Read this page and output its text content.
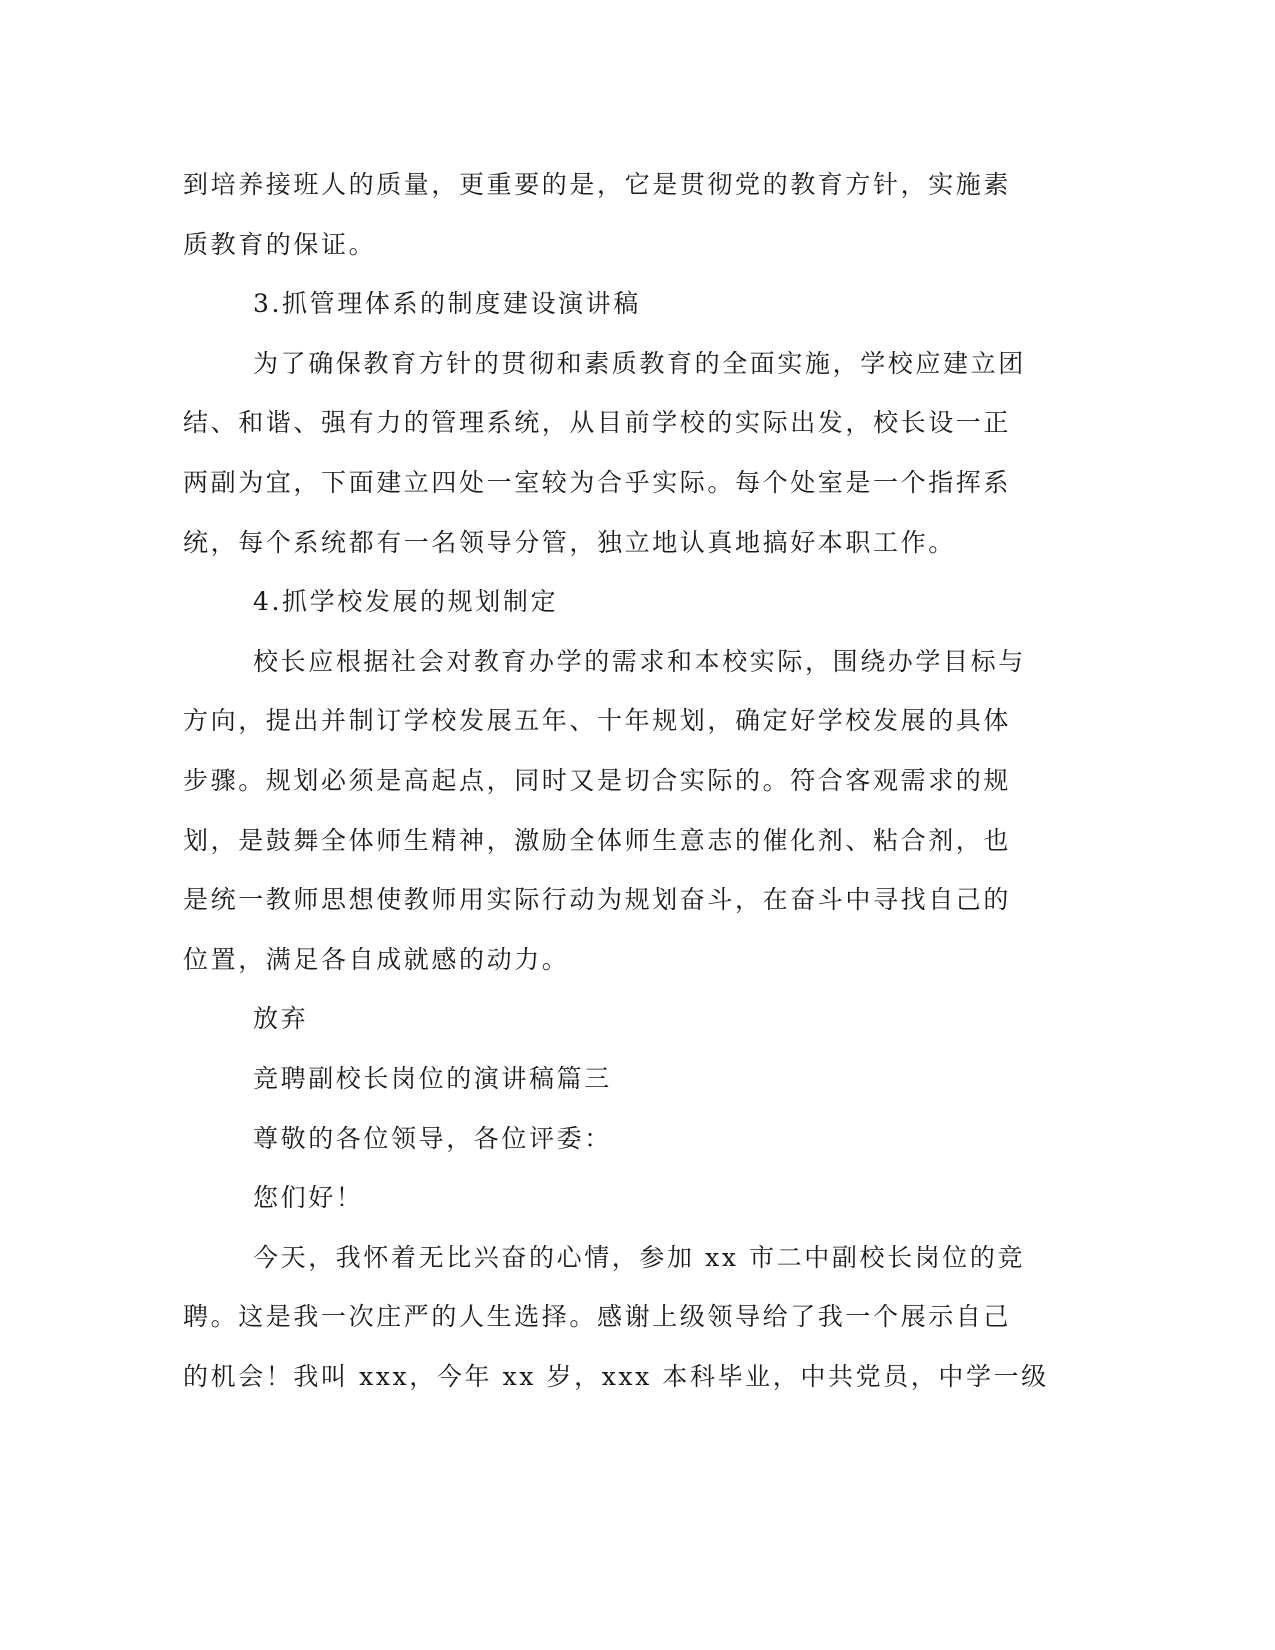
到培养接班人的质量，更重要的是，它是贯彻党的教育方针，实施素
质教育的保证。
3.抓管理体系的制度建设演讲稿
为了确保教育方针的贯彻和素质教育的全面实施，学校应建立团
结、和谐、强有力的管理系统，从目前学校的实际出发，校长设一正
两副为宜，下面建立四处一室较为合乎实际。每个处室是一个指挥系
统，每个系统都有一名领导分管，独立地认真地搞好本职工作。
4.抓学校发展的规划制定
校长应根据社会对教育办学的需求和本校实际，围绕办学目标与
方向，提出并制订学校发展五年、十年规划，确定好学校发展的具体
步骤。规划必须是高起点，同时又是切合实际的。符合客观需求的规
划，是鼓舞全体师生精神，激励全体师生意志的催化剂、粘合剂，也
是统一教师思想使教师用实际行动为规划奋斗，在奋斗中寻找自己的
位置，满足各自成就感的动力。
放弃
竞聘副校长岗位的演讲稿篇三
尊敬的各位领导，各位评委：
您们好！
今天，我怀着无比兴奋的心情，参加 xx 市二中副校长岗位的竞
聘。这是我一次庄严的人生选择。感谢上级领导给了我一个展示自己
的机会！我叫 xxx，今年 xx 岁，xxx 本科毕业，中共党员，中学一级
